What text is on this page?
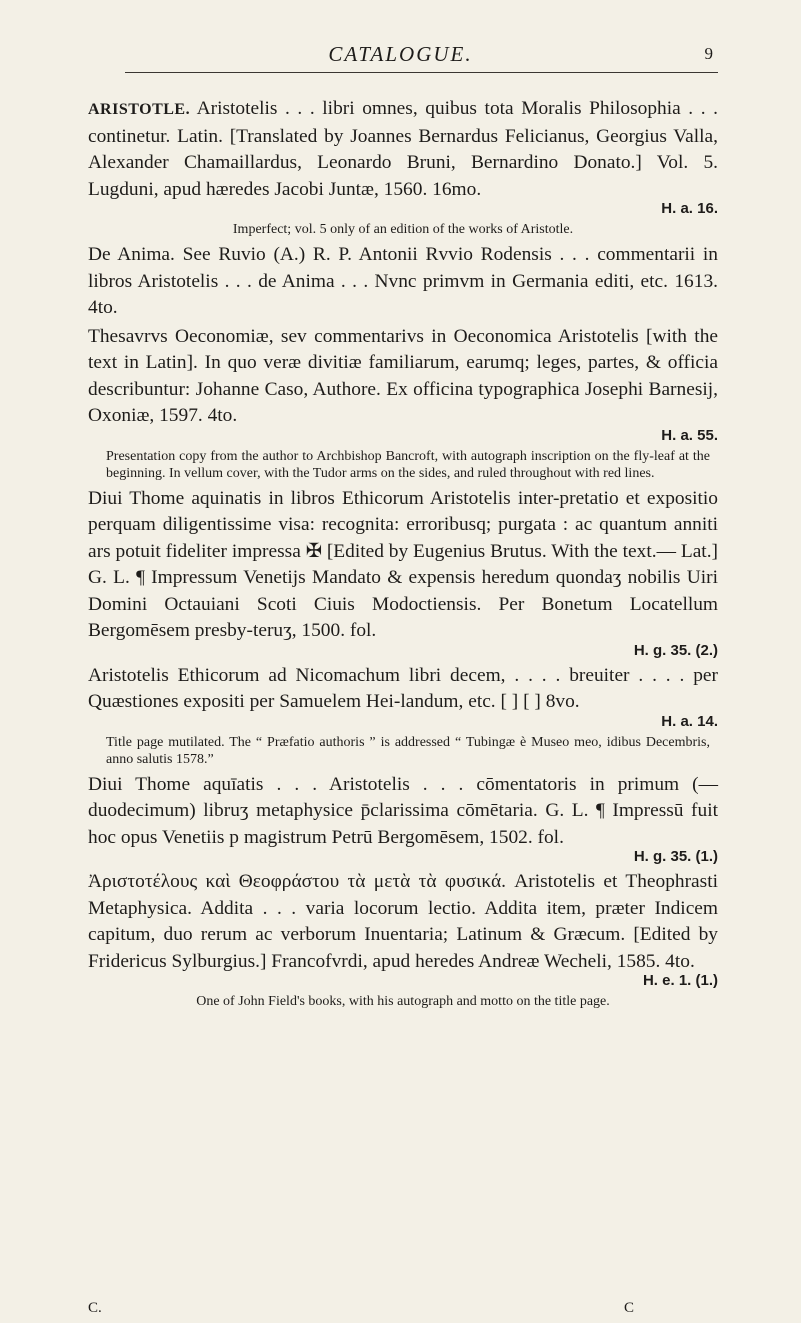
CATALOGUE.	9

ARISTOTLE. Aristotelis . . . libri omnes, quibus tota Moralis Philosophia . . . continetur. Latin. [Translated by Joannes Bernardus Felicianus, Georgius Valla, Alexander Chamaillardus, Leonardo Bruni, Bernardino Donato.] Vol. 5. Lugduni, apud hæredes Jacobi Juntæ, 1560. 16mo.

H. a. 16.
Imperfect; vol. 5 only of an edition of the works of Aristotle.

De Anima. See Ruvio (A.) R. P. Antonii Rvvio Rodensis . . . commentarii in libros Aristotelis . . . de Anima . . . Nvnc primvm in Germania editi, etc. 1613. 4to.

Thesavrvs Oeconomiæ, sev commentarivs in Oeconomica Aristotelis [with the text in Latin]. In quo veræ divitiæ familiarum, earumq; leges, partes, & officia describuntur: Johanne Caso, Authore. Ex officina typographica Josephi Barnesij, Oxoniæ, 1597. 4to.

H. a. 55.
Presentation copy from the author to Archbishop Bancroft, with autograph inscription on the fly-leaf at the beginning. In vellum cover, with the Tudor arms on the sides, and ruled throughout with red lines.

Diui Thome aquinatis in libros Ethicorum Aristotelis inter-pretatio et expositio perquam diligentissime visa: recognita: erroribusq; purgata : ac quantum anniti ars potuit fideliter impressa ✠ [Edited by Eugenius Brutus. With the text.— Lat.] G. L. ¶ Impressum Venetijs Mandato & expensis heredum quondaʒ nobilis Uiri Domini Octauiani Scoti Ciuis Modoctiensis. Per Bonetum Locatellum Bergomēsem presby-teruʒ, 1500. fol.

H. g. 35. (2.)

Aristotelis Ethicorum ad Nicomachum libri decem, . . . . breuiter . . . . per Quæstiones expositi per Samuelem Hei-landum, etc. [ ] [ ] 8vo.

H. a. 14.
Title page mutilated. The “ Præfatio authoris ” is addressed “ Tubingæ è Museo meo, idibus Decembris, anno salutis 1578.”

Diui Thome aquīatis . . . Aristotelis . . . cōmentatoris in primum (—duodecimum) libruʒ metaphysice p̄clarissima cōmētaria. G. L. ¶ Impressū fuit hoc opus Venetiis p magistrum Petrū Bergomēsem, 1502. fol.

H. g. 35. (1.)

Ἀριστοτέλους καὶ Θεοφράστου τὰ μετὰ τὰ φυσικά. Aristotelis et Theophrasti Metaphysica. Addita . . . varia locorum lectio. Addita item, præter Indicem capitum, duo rerum ac verborum Inuentaria; Latinum & Græcum. [Edited by Fridericus Sylburgius.] Francofvrdi, apud heredes Andreæ Wecheli, 1585. 4to.

H. e. 1. (1.)
One of John Field's books, with his autograph and motto on the title page.
C.	C
